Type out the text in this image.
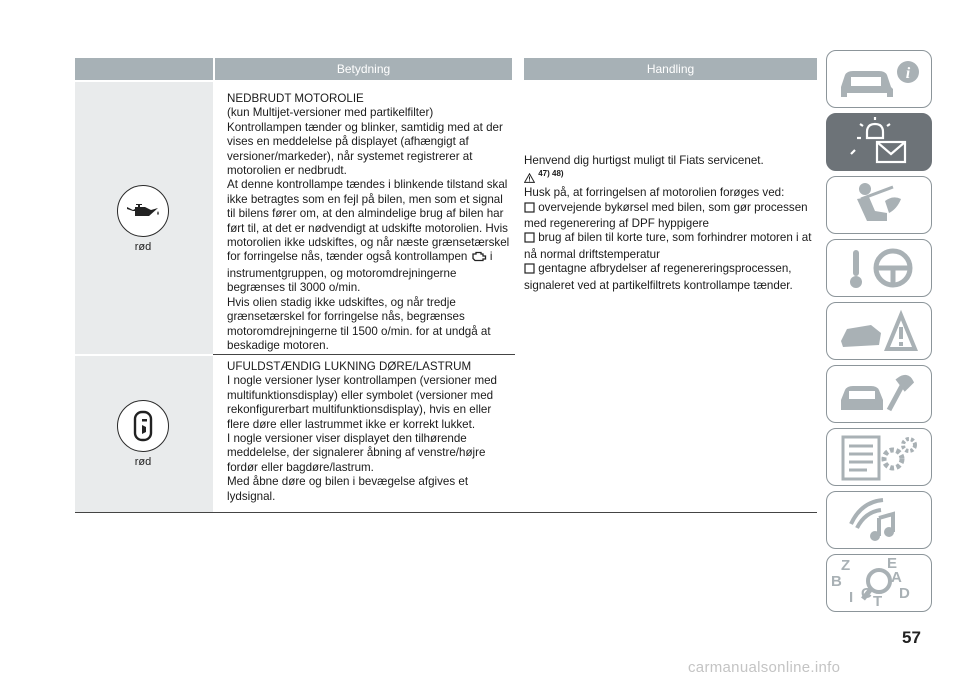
Betydning	Handling
rød

NEDBRUDT MOTOROLIE

(kun Multijet-versioner med partikelfilter)

Kontrollampen tænder og blinker, samtidig med at der vises en meddelelse på displayet (afhængigt af versioner/markeder), når systemet registrerer at motorolien er nedbrudt.

At denne kontrollampe tændes i blinkende tilstand skal ikke betragtes som en fejl på bilen, men som et signal til bilens fører om, at den almindelige brug af bilen har ført til, at det er nødvendigt at udskifte motorolien. Hvis motorolien ikke udskiftes, og når næste grænsetærskel for forringelse nås, tænder også kontrollampen i instrumentgruppen, og motoromdrejningerne begrænses til 3000 o/min.

Hvis olien stadig ikke udskiftes, og når tredje grænsetærskel for forringelse nås, begrænses motoromdrejningerne til 1500 o/min. for at undgå at beskadige motoren.

Henvend dig hurtigst muligt til Fiats servicenet.

$^{47) 48)}$

Husk på, at forringelsen af motorolien forøges ved:

overvejende bykørsel med bilen, som gør processen med regenerering af DPF hyppigere

brug af bilen til korte ture, som forhindrer motoren i at nå normal driftstemperatur

gentagne afbrydelser af regenereringsprocessen, signaleret ved at partikelfiltrets kontrollampe tænder.

rød

UFULDSTÆNDIG LUKNING DØRE/LASTRUM

I nogle versioner lyser kontrollampen (versioner med multifunktionsdisplay) eller symbolet (versioner med rekonfigurerbart multifunktionsdisplay), hvis en eller flere døre eller lastrummet ikke er korrekt lukket.

I nogle versioner viser displayet den tilhørende meddelelse, der signalerer åbning af venstre/højre fordør eller bagdøre/lastrum.

Med åbne døre og bilen i bevægelse afgives et lydsignal.

i
Z E
B	A
I C T D
57
carmanualsonline.info
